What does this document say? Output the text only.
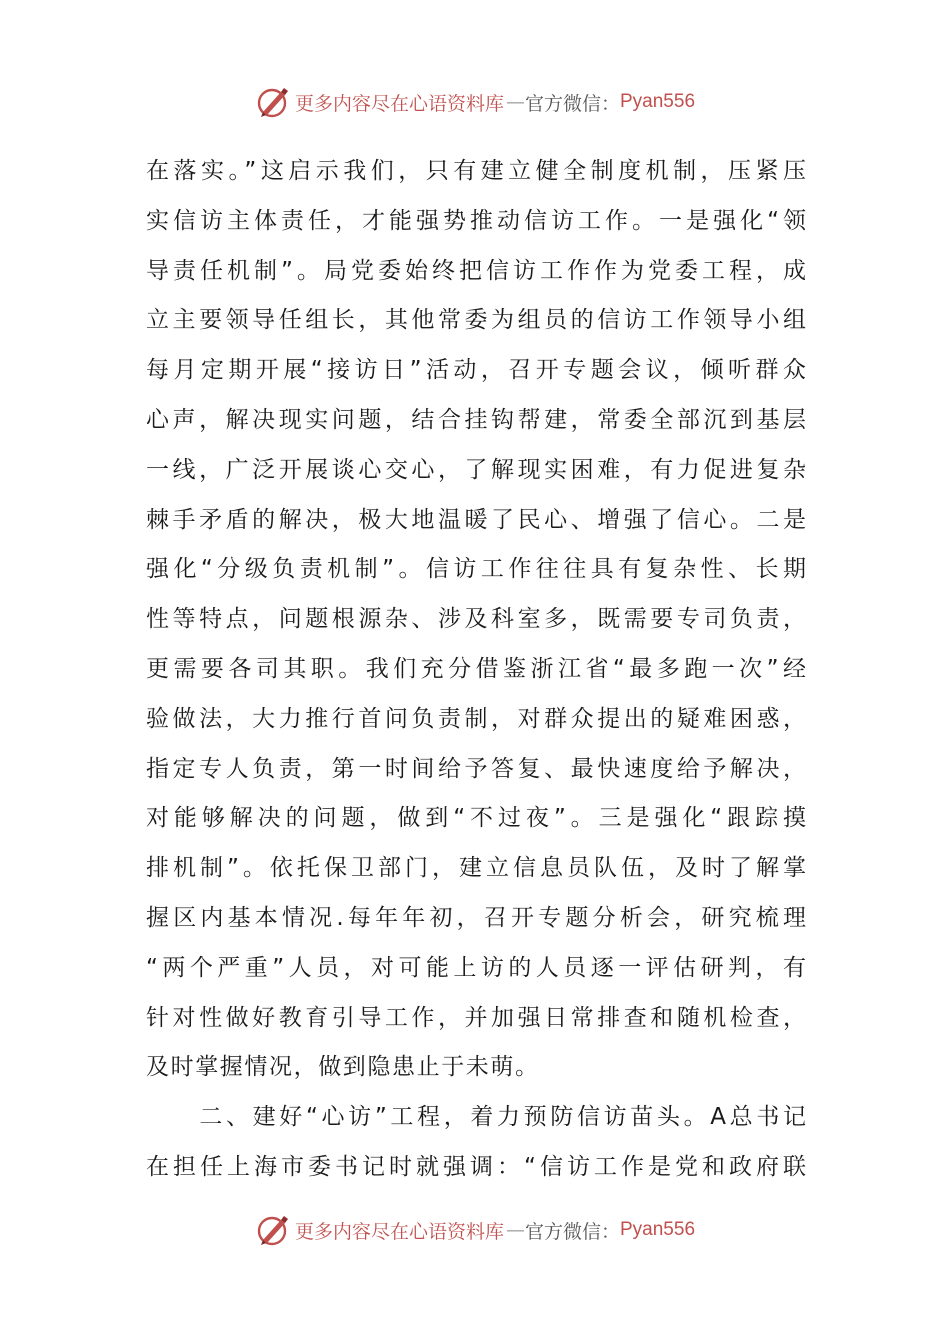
更多内容尽在心语资料库 — 官方微信： Pyan556
在落实。”这启示我们，只有建立健全制度机制，压紧压
实信访主体责任，才能强势推动信访工作。一是强化“领
导责任机制”。局党委始终把信访工作作为党委工程，成
立主要领导任组长，其他常委为组员的信访工作领导小组
每月定期开展“接访日”活动，召开专题会议，倾听群众
心声，解决现实问题，结合挂钩帮建，常委全部沉到基层
一线，广泛开展谈心交心，了解现实困难，有力促进复杂
棘手矛盾的解决，极大地温暖了民心、增强了信心。二是
强化“分级负责机制”。信访工作往往具有复杂性、长期
性等特点，问题根源杂、涉及科室多，既需要专司负责，
更需要各司其职。我们充分借鉴浙江省“最多跑一次”经
验做法，大力推行首问负责制，对群众提出的疑难困惑，
指定专人负责，第一时间给予答复、最快速度给予解决，
对能够解决的问题，做到“不过夜”。三是强化“跟踪摸
排机制”。依托保卫部门，建立信息员队伍，及时了解掌
握区内基本情况.每年年初，召开专题分析会，研究梳理
“两个严重”人员，对可能上访的人员逐一评估研判，有
针对性做好教育引导工作，并加强日常排查和随机检查，
及时掌握情况，做到隐患止于未萌。
　　二、建好“心访”工程，着力预防信访苗头。A总书记
在担任上海市委书记时就强调：“信访工作是党和政府联
更多内容尽在心语资料库 — 官方微信： Pyan556
